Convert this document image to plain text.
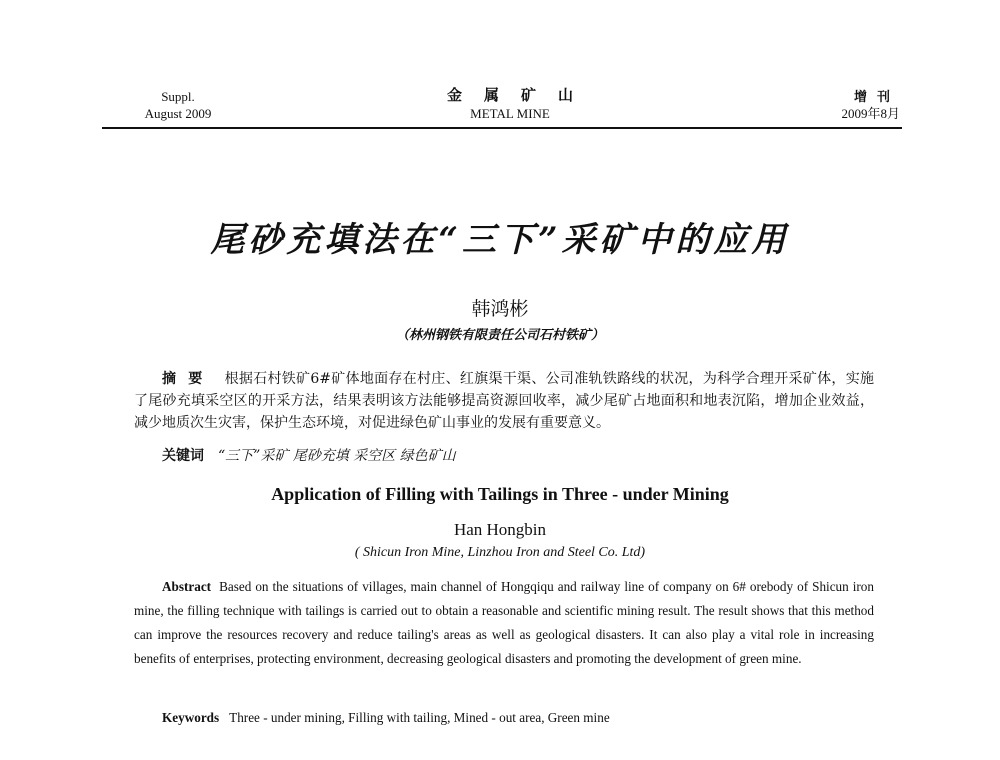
Suppl.
August 2009
金属矿山
METAL MINE
增刊
2009年8月
尾砂充填法在“三下”采矿中的应用
韩鸿彬
（林州钢铁有限责任公司石村铁矿）
摘要 根据石村铁矿6#矿体地面存在村庄、红旗渠干渠、公司准轨铁路线的状况，为科学合理开采矿体，实施了尾砂充填采空区的开采方法，结果表明该方法能够提高资源回收率，减少尾矿占地面积和地表沉陷，增加企业效益，减少地质次生灾害，保护生态环境，对促进绿色矿山事业的发展有重要意义。
关键词 “三下”采矿 尾砂充填 采空区 绿色矿山
Application of Filling with Tailings in Three - under Mining
Han Hongbin
( Shicun Iron Mine, Linzhou Iron and Steel Co. Ltd)
Abstract Based on the situations of villages, main channel of Hongqiqu and railway line of company on 6# orebody of Shicun iron mine, the filling technique with tailings is carried out to obtain a reasonable and scientific mining result. The result shows that this method can improve the resources recovery and reduce tailing's areas as well as geological disasters. It can also play a vital role in increasing benefits of enterprises, protecting environment, decreasing geological disasters and promoting the development of green mine.
Keywords Three - under mining, Filling with tailing, Mined - out area, Green mine
